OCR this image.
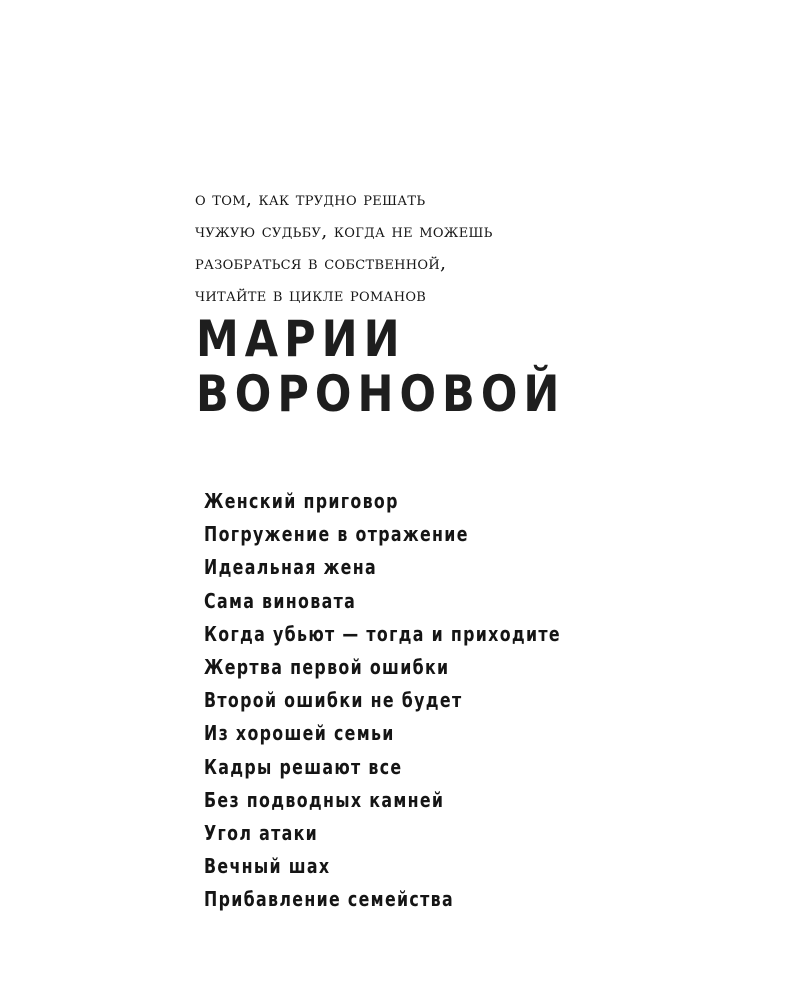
о том, как трудно решать
чужую судьбу, когда не можешь
разобраться в собственной,
читайте в цикле романов
МАРИИ
ВОРОНОВОЙ
Женский приговор
Погружение в отражение
Идеальная жена
Сама виновата
Когда убьют — тогда и приходите
Жертва первой ошибки
Второй ошибки не будет
Из хорошей семьи
Кадры решают все
Без подводных камней
Угол атаки
Вечный шах
Прибавление семейства
